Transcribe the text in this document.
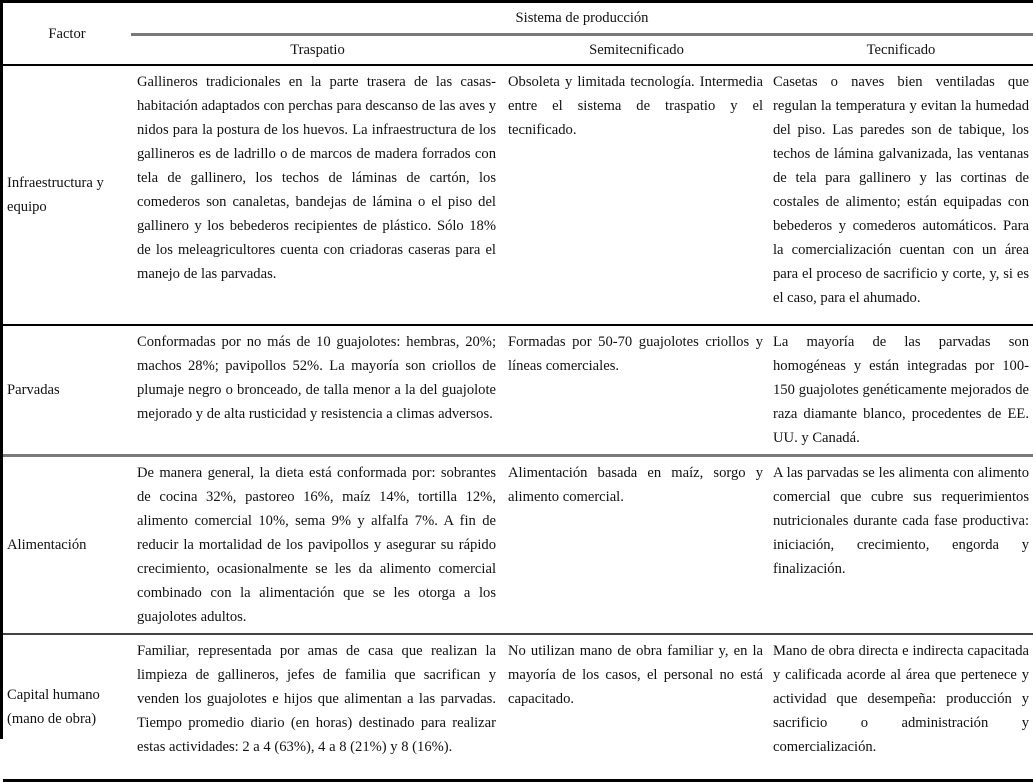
Factor	Sistema de producción		
	Traspatio	Semitecnificado	Tecnificado
Infraestructura y equipo	Gallineros tradicionales en la parte trasera de las casas-habitación adaptados con perchas para descanso de las aves y nidos para la postura de los huevos. La infraestructura de los gallineros es de ladrillo o de marcos de madera forrados con tela de gallinero, los techos de láminas de cartón, los comederos son canaletas, bandejas de lámina o el piso del gallinero y los bebederos recipientes de plástico. Sólo 18% de los meleagricultores cuenta con criadoras caseras para el manejo de las parvadas.	Obsoleta y limitada tecnología. Intermedia entre el sistema de traspatio y el tecnificado.	Casetas o naves bien ventiladas que regulan la temperatura y evitan la humedad del piso. Las paredes son de tabique, los techos de lámina galvanizada, las ventanas de tela para gallinero y las cortinas de costales de alimento; están equipadas con bebederos y comederos automáticos. Para la comercialización cuentan con un área para el proceso de sacrificio y corte, y, si es el caso, para el ahumado.
Parvadas	Conformadas por no más de 10 guajolotes: hembras, 20%; machos 28%; pavipollos 52%. La mayoría son criollos de plumaje negro o bronceado, de talla menor a la del guajolote mejorado y de alta rusticidad y resistencia a climas adversos.	Formadas por 50-70 guajolotes criollos y líneas comerciales.	La mayoría de las parvadas son homogéneas y están integradas por 100-150 guajolotes genéticamente mejorados de raza diamante blanco, procedentes de EE. UU. y Canadá.
Alimentación	De manera general, la dieta está conformada por: sobrantes de cocina 32%, pastoreo 16%, maíz 14%, tortilla 12%, alimento comercial 10%, sema 9% y alfalfa 7%. A fin de reducir la mortalidad de los pavipollos y asegurar su rápido crecimiento, ocasionalmente se les da alimento comercial combinado con la alimentación que se les otorga a los guajolotes adultos.	Alimentación basada en maíz, sorgo y alimento comercial.	A las parvadas se les alimenta con alimento comercial que cubre sus requerimientos nutricionales durante cada fase productiva: iniciación, crecimiento, engorda y finalización.
Capital humano (mano de obra)	Familiar, representada por amas de casa que realizan la limpieza de gallineros, jefes de familia que sacrifican y venden los guajolotes e hijos que alimentan a las parvadas. Tiempo promedio diario (en horas) destinado para realizar estas actividades: 2 a 4 (63%), 4 a 8 (21%) y 8 (16%).	No utilizan mano de obra familiar y, en la mayoría de los casos, el personal no está capacitado.	Mano de obra directa e indirecta capacitada y calificada acorde al área que pertenece y actividad que desempeña: producción y sacrificio o administración y comercialización.
